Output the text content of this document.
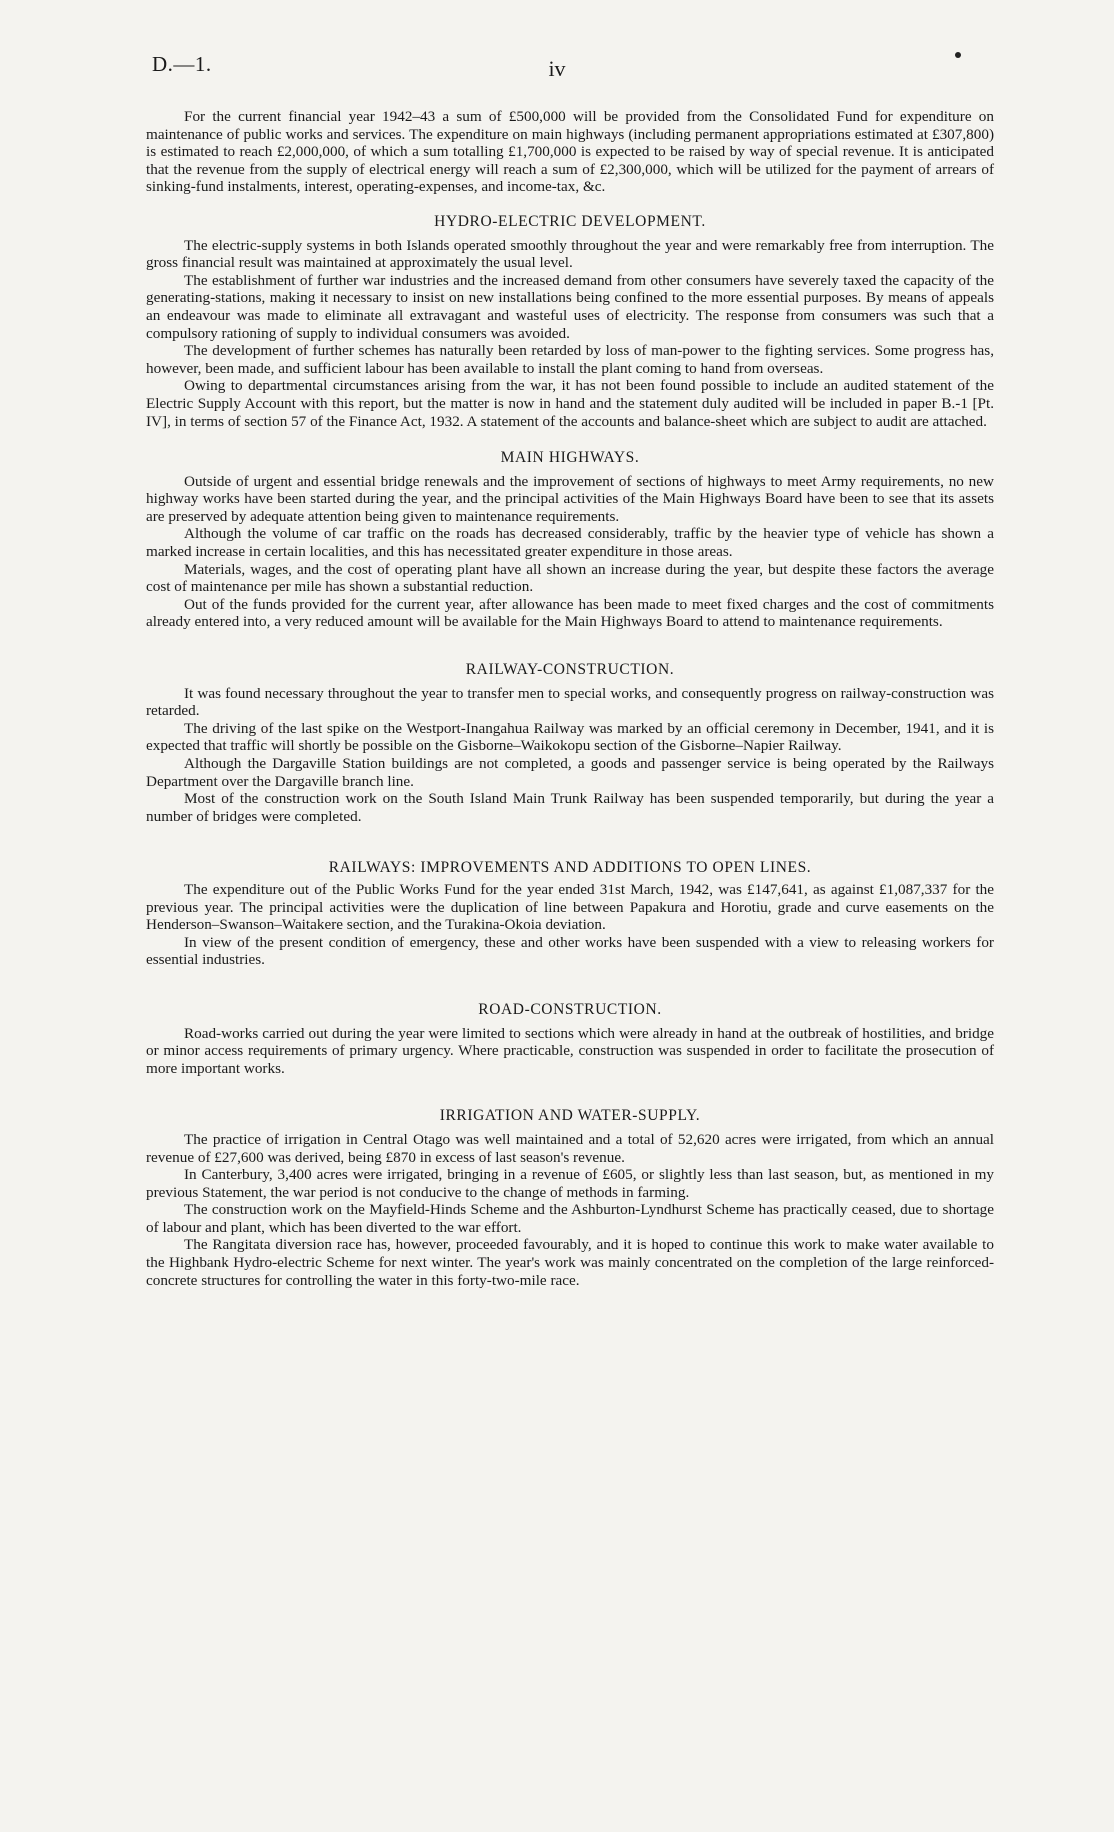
D.—1.	iv

For the current financial year 1942–43 a sum of £500,000 will be provided from the Consolidated Fund for expenditure on maintenance of public works and services. The expenditure on main highways (including permanent appropriations estimated at £307,800) is estimated to reach £2,000,000, of which a sum totalling £1,700,000 is expected to be raised by way of special revenue. It is anticipated that the revenue from the supply of electrical energy will reach a sum of £2,300,000, which will be utilized for the payment of arrears of sinking-fund instalments, interest, operating-expenses, and income-tax, &c.

HYDRO-ELECTRIC DEVELOPMENT.

The electric-supply systems in both Islands operated smoothly throughout the year and were remarkably free from interruption. The gross financial result was maintained at approximately the usual level.

The establishment of further war industries and the increased demand from other consumers have severely taxed the capacity of the generating-stations, making it necessary to insist on new installations being confined to the more essential purposes. By means of appeals an endeavour was made to eliminate all extravagant and wasteful uses of electricity. The response from consumers was such that a compulsory rationing of supply to individual consumers was avoided.

The development of further schemes has naturally been retarded by loss of man-power to the fighting services. Some progress has, however, been made, and sufficient labour has been available to install the plant coming to hand from overseas.

Owing to departmental circumstances arising from the war, it has not been found possible to include an audited statement of the Electric Supply Account with this report, but the matter is now in hand and the statement duly audited will be included in paper B.-1 [Pt. IV], in terms of section 57 of the Finance Act, 1932. A statement of the accounts and balance-sheet which are subject to audit are attached.

MAIN HIGHWAYS.

Outside of urgent and essential bridge renewals and the improvement of sections of highways to meet Army requirements, no new highway works have been started during the year, and the principal activities of the Main Highways Board have been to see that its assets are preserved by adequate attention being given to maintenance requirements.

Although the volume of car traffic on the roads has decreased considerably, traffic by the heavier type of vehicle has shown a marked increase in certain localities, and this has necessitated greater expenditure in those areas.

Materials, wages, and the cost of operating plant have all shown an increase during the year, but despite these factors the average cost of maintenance per mile has shown a substantial reduction.

Out of the funds provided for the current year, after allowance has been made to meet fixed charges and the cost of commitments already entered into, a very reduced amount will be available for the Main Highways Board to attend to maintenance requirements.

RAILWAY-CONSTRUCTION.

It was found necessary throughout the year to transfer men to special works, and consequently progress on railway-construction was retarded.

The driving of the last spike on the Westport-Inangahua Railway was marked by an official ceremony in December, 1941, and it is expected that traffic will shortly be possible on the Gisborne–Waikokopu section of the Gisborne–Napier Railway.

Although the Dargaville Station buildings are not completed, a goods and passenger service is being operated by the Railways Department over the Dargaville branch line.

Most of the construction work on the South Island Main Trunk Railway has been suspended temporarily, but during the year a number of bridges were completed.

RAILWAYS: IMPROVEMENTS AND ADDITIONS TO OPEN LINES.

The expenditure out of the Public Works Fund for the year ended 31st March, 1942, was £147,641, as against £1,087,337 for the previous year. The principal activities were the duplication of line between Papakura and Horotiu, grade and curve easements on the Henderson–Swanson–Waitakere section, and the Turakina-Okoia deviation.

In view of the present condition of emergency, these and other works have been suspended with a view to releasing workers for essential industries.

ROAD-CONSTRUCTION.

Road-works carried out during the year were limited to sections which were already in hand at the outbreak of hostilities, and bridge or minor access requirements of primary urgency. Where practicable, construction was suspended in order to facilitate the prosecution of more important works.

IRRIGATION AND WATER-SUPPLY.

The practice of irrigation in Central Otago was well maintained and a total of 52,620 acres were irrigated, from which an annual revenue of £27,600 was derived, being £870 in excess of last season's revenue.

In Canterbury, 3,400 acres were irrigated, bringing in a revenue of £605, or slightly less than last season, but, as mentioned in my previous Statement, the war period is not conducive to the change of methods in farming.

The construction work on the Mayfield-Hinds Scheme and the Ashburton-Lyndhurst Scheme has practically ceased, due to shortage of labour and plant, which has been diverted to the war effort.

The Rangitata diversion race has, however, proceeded favourably, and it is hoped to continue this work to make water available to the Highbank Hydro-electric Scheme for next winter. The year's work was mainly concentrated on the completion of the large reinforced-concrete structures for controlling the water in this forty-two-mile race.
